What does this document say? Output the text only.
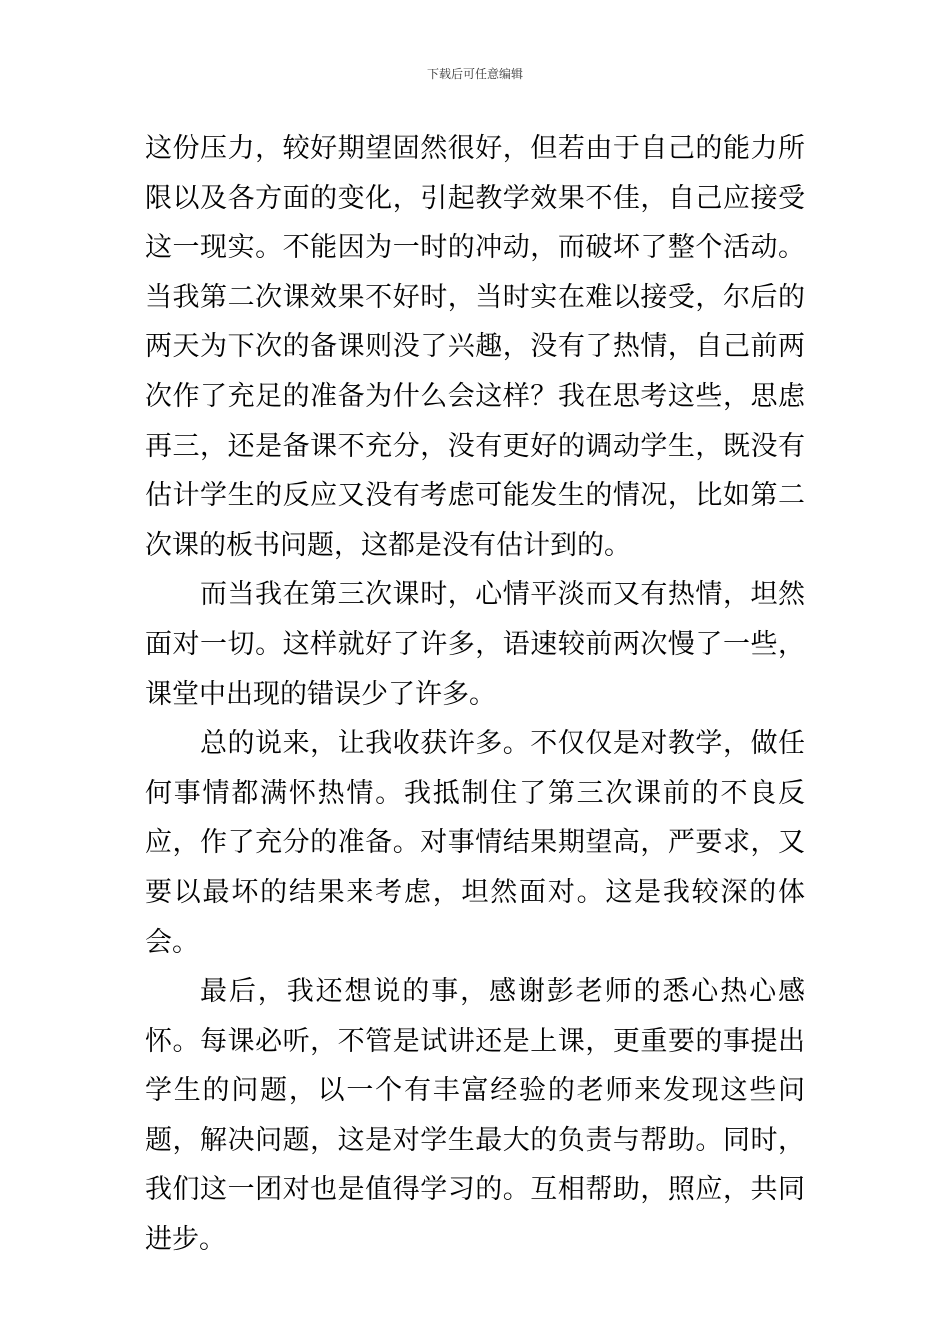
下载后可任意编辑

这份压力，较好期望固然很好，但若由于自己的能力所限以及各方面的变化，引起教学效果不佳，自己应接受这一现实。不能因为一时的冲动，而破坏了整个活动。当我第二次课效果不好时，当时实在难以接受，尔后的两天为下次的备课则没了兴趣，没有了热情，自己前两次作了充足的准备为什么会这样？我在思考这些，思虑再三，还是备课不充分，没有更好的调动学生，既没有估计学生的反应又没有考虑可能发生的情况，比如第二次课的板书问题，这都是没有估计到的。

而当我在第三次课时，心情平淡而又有热情，坦然面对一切。这样就好了许多，语速较前两次慢了一些，课堂中出现的错误少了许多。

总的说来，让我收获许多。不仅仅是对教学，做任何事情都满怀热情。我抵制住了第三次课前的不良反应，作了充分的准备。对事情结果期望高，严要求，又要以最坏的结果来考虑，坦然面对。这是我较深的体会。

最后，我还想说的事，感谢彭老师的悉心热心感怀。每课必听，不管是试讲还是上课，更重要的事提出学生的问题，以一个有丰富经验的老师来发现这些问题，解决问题，这是对学生最大的负责与帮助。同时，我们这一团对也是值得学习的。互相帮助，照应，共同进步。
